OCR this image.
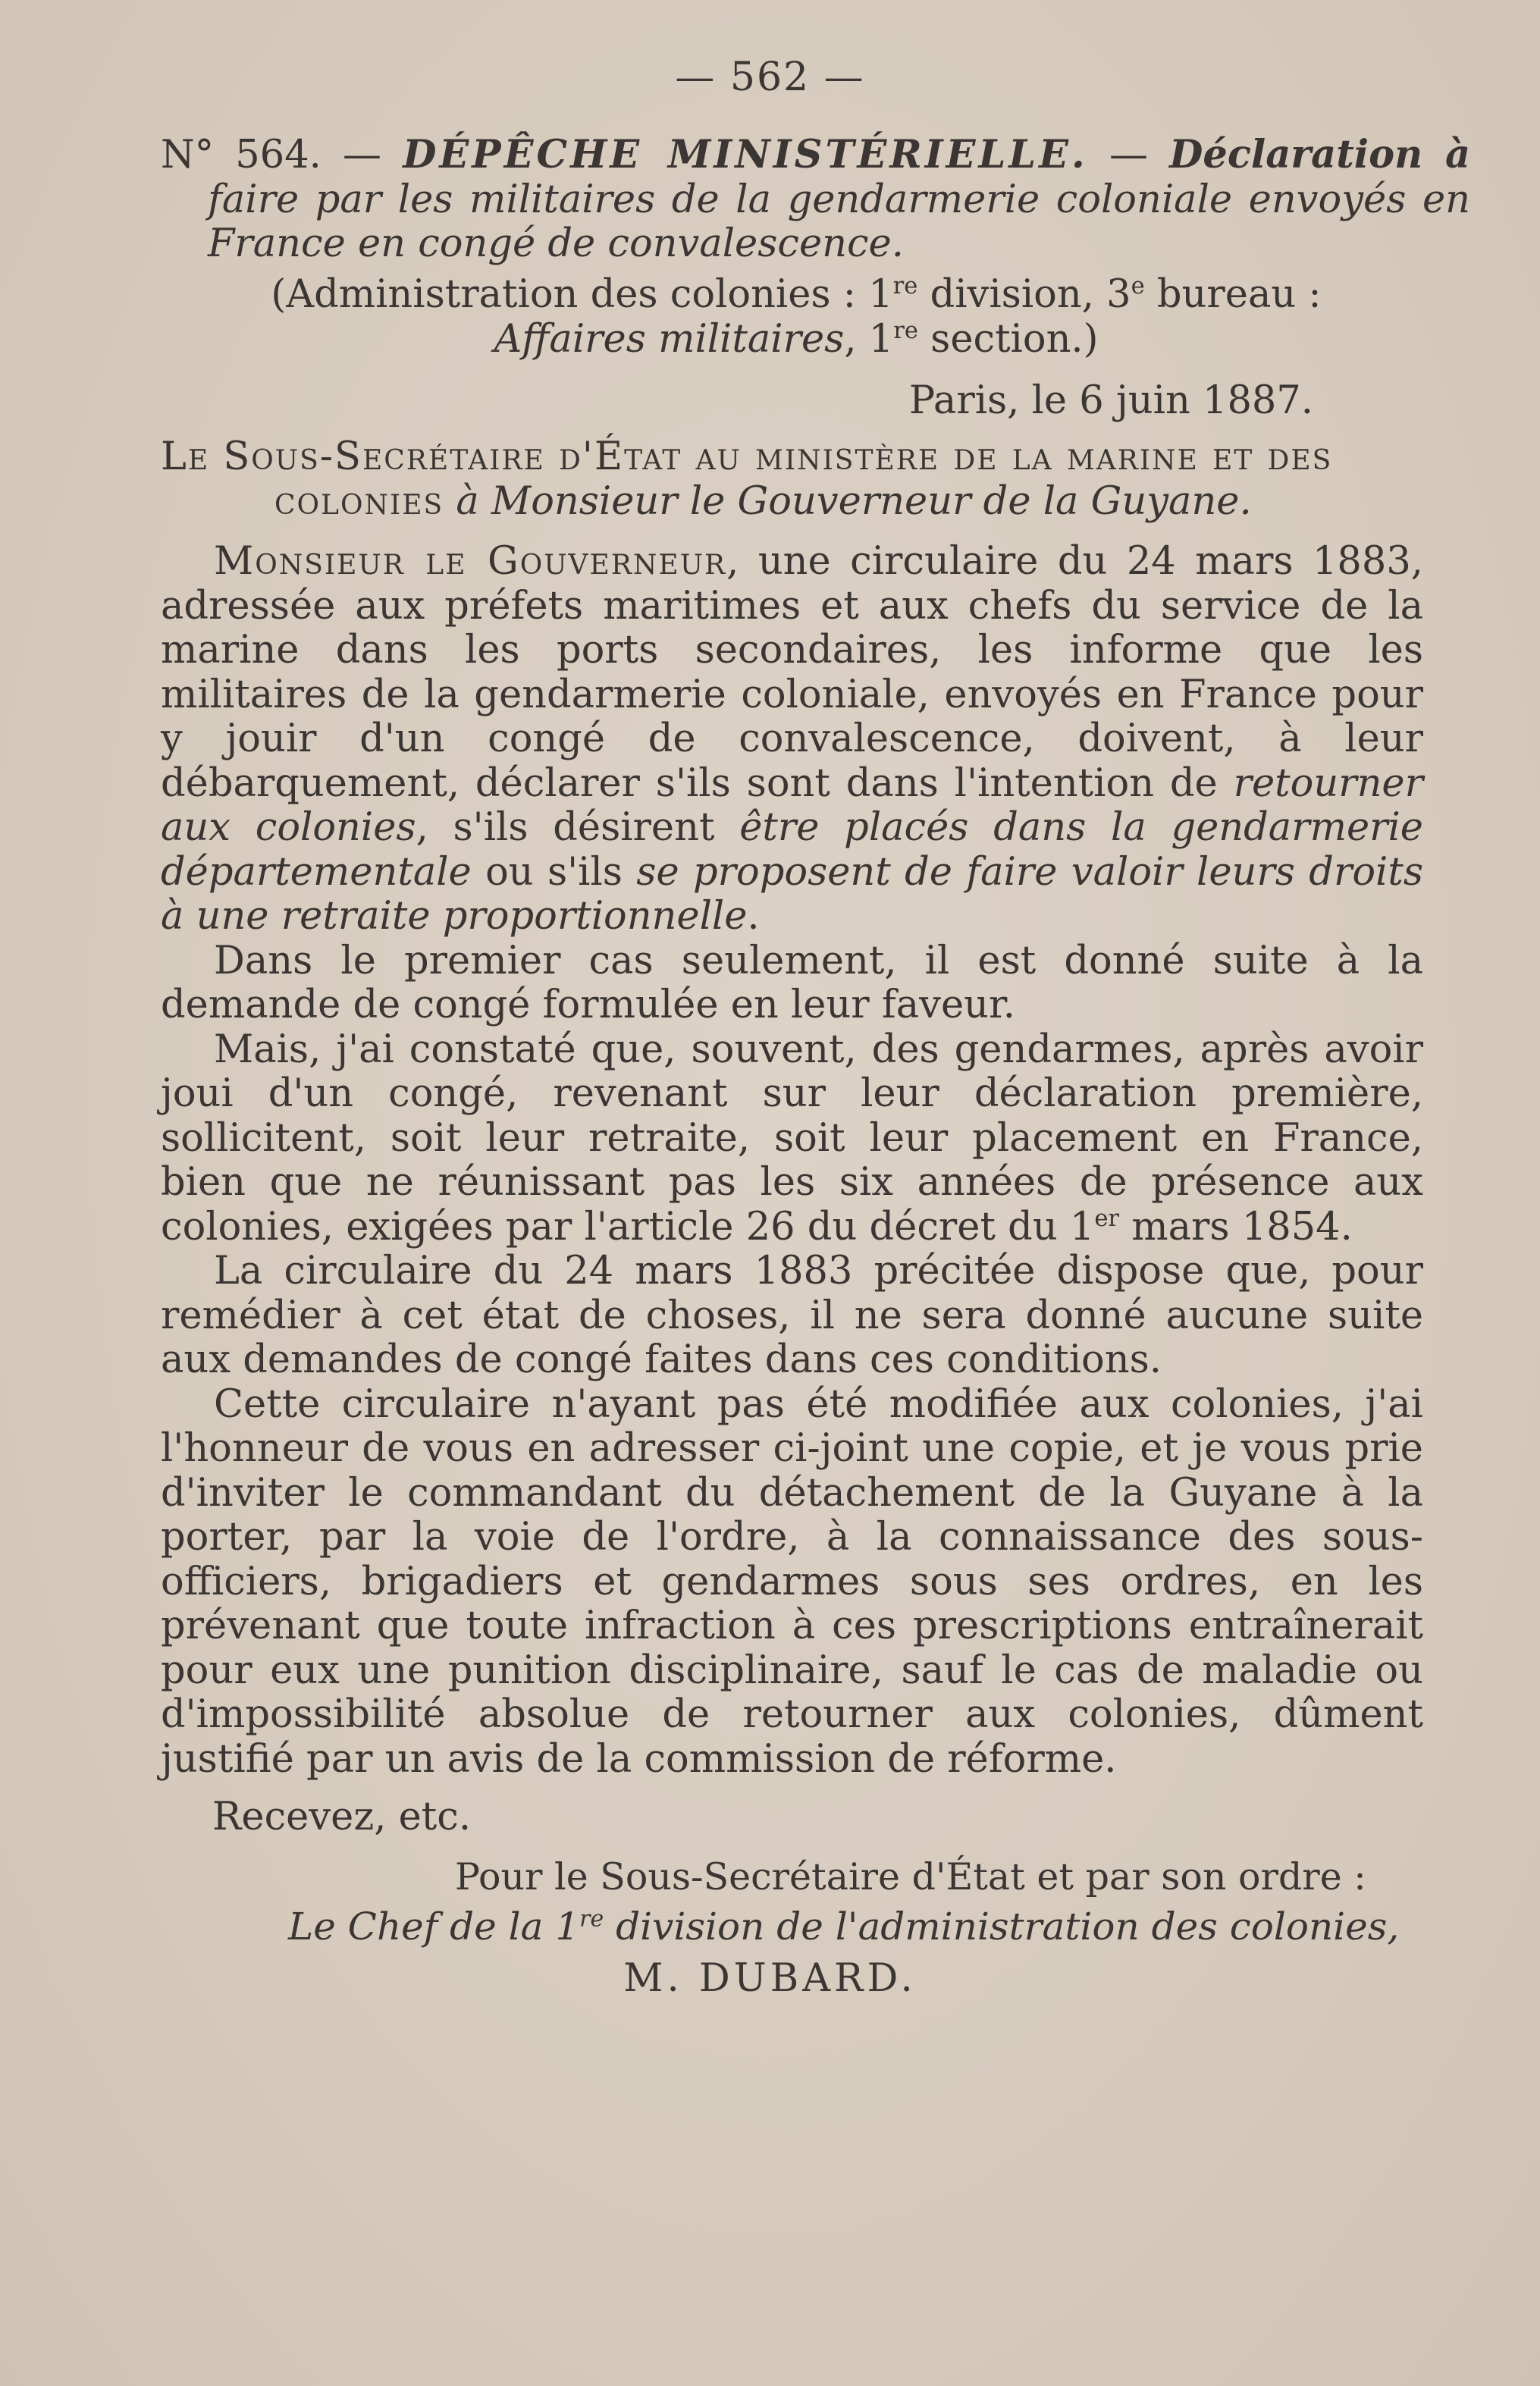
— 562 —
N° 564. — DÉPÊCHE MINISTÉRIELLE. — Déclaration à faire par les militaires de la gendarmerie coloniale envoyés en France en congé de convalescence.
(Administration des colonies : 1re division, 3e bureau :
Affaires militaires, 1re section.)
Paris, le 6 juin 1887.
Le Sous-Secrétaire d'État au ministère de la marine et des
colonies à Monsieur le Gouverneur de la Guyane.

Monsieur le Gouverneur, une circulaire du 24 mars 1883, adressée aux préfets maritimes et aux chefs du service de la marine dans les ports secondaires, les informe que les militaires de la gendarmerie coloniale, envoyés en France pour y jouir d'un congé de convalescence, doivent, à leur débarquement, déclarer s'ils sont dans l'intention de retourner aux colonies, s'ils désirent être placés dans la gendarmerie départementale ou s'ils se proposent de faire valoir leurs droits à une retraite proportionnelle.

Dans le premier cas seulement, il est donné suite à la demande de congé formulée en leur faveur.

Mais, j'ai constaté que, souvent, des gendarmes, après avoir joui d'un congé, revenant sur leur déclaration première, sollicitent, soit leur retraite, soit leur placement en France, bien que ne réunissant pas les six années de présence aux colonies, exigées par l'article 26 du décret du 1er mars 1854.

La circulaire du 24 mars 1883 précitée dispose que, pour remédier à cet état de choses, il ne sera donné aucune suite aux demandes de congé faites dans ces conditions.

Cette circulaire n'ayant pas été modifiée aux colonies, j'ai l'honneur de vous en adresser ci-joint une copie, et je vous prie d'inviter le commandant du détachement de la Guyane à la porter, par la voie de l'ordre, à la connaissance des sous-officiers, brigadiers et gendarmes sous ses ordres, en les prévenant que toute infraction à ces prescriptions entraînerait pour eux une punition disciplinaire, sauf le cas de maladie ou d'impossibilité absolue de retourner aux colonies, dûment justifié par un avis de la commission de réforme.

Recevez, etc.
Pour le Sous-Secrétaire d'État et par son ordre :
Le Chef de la 1re division de l'administration des colonies,
M. DUBARD.
